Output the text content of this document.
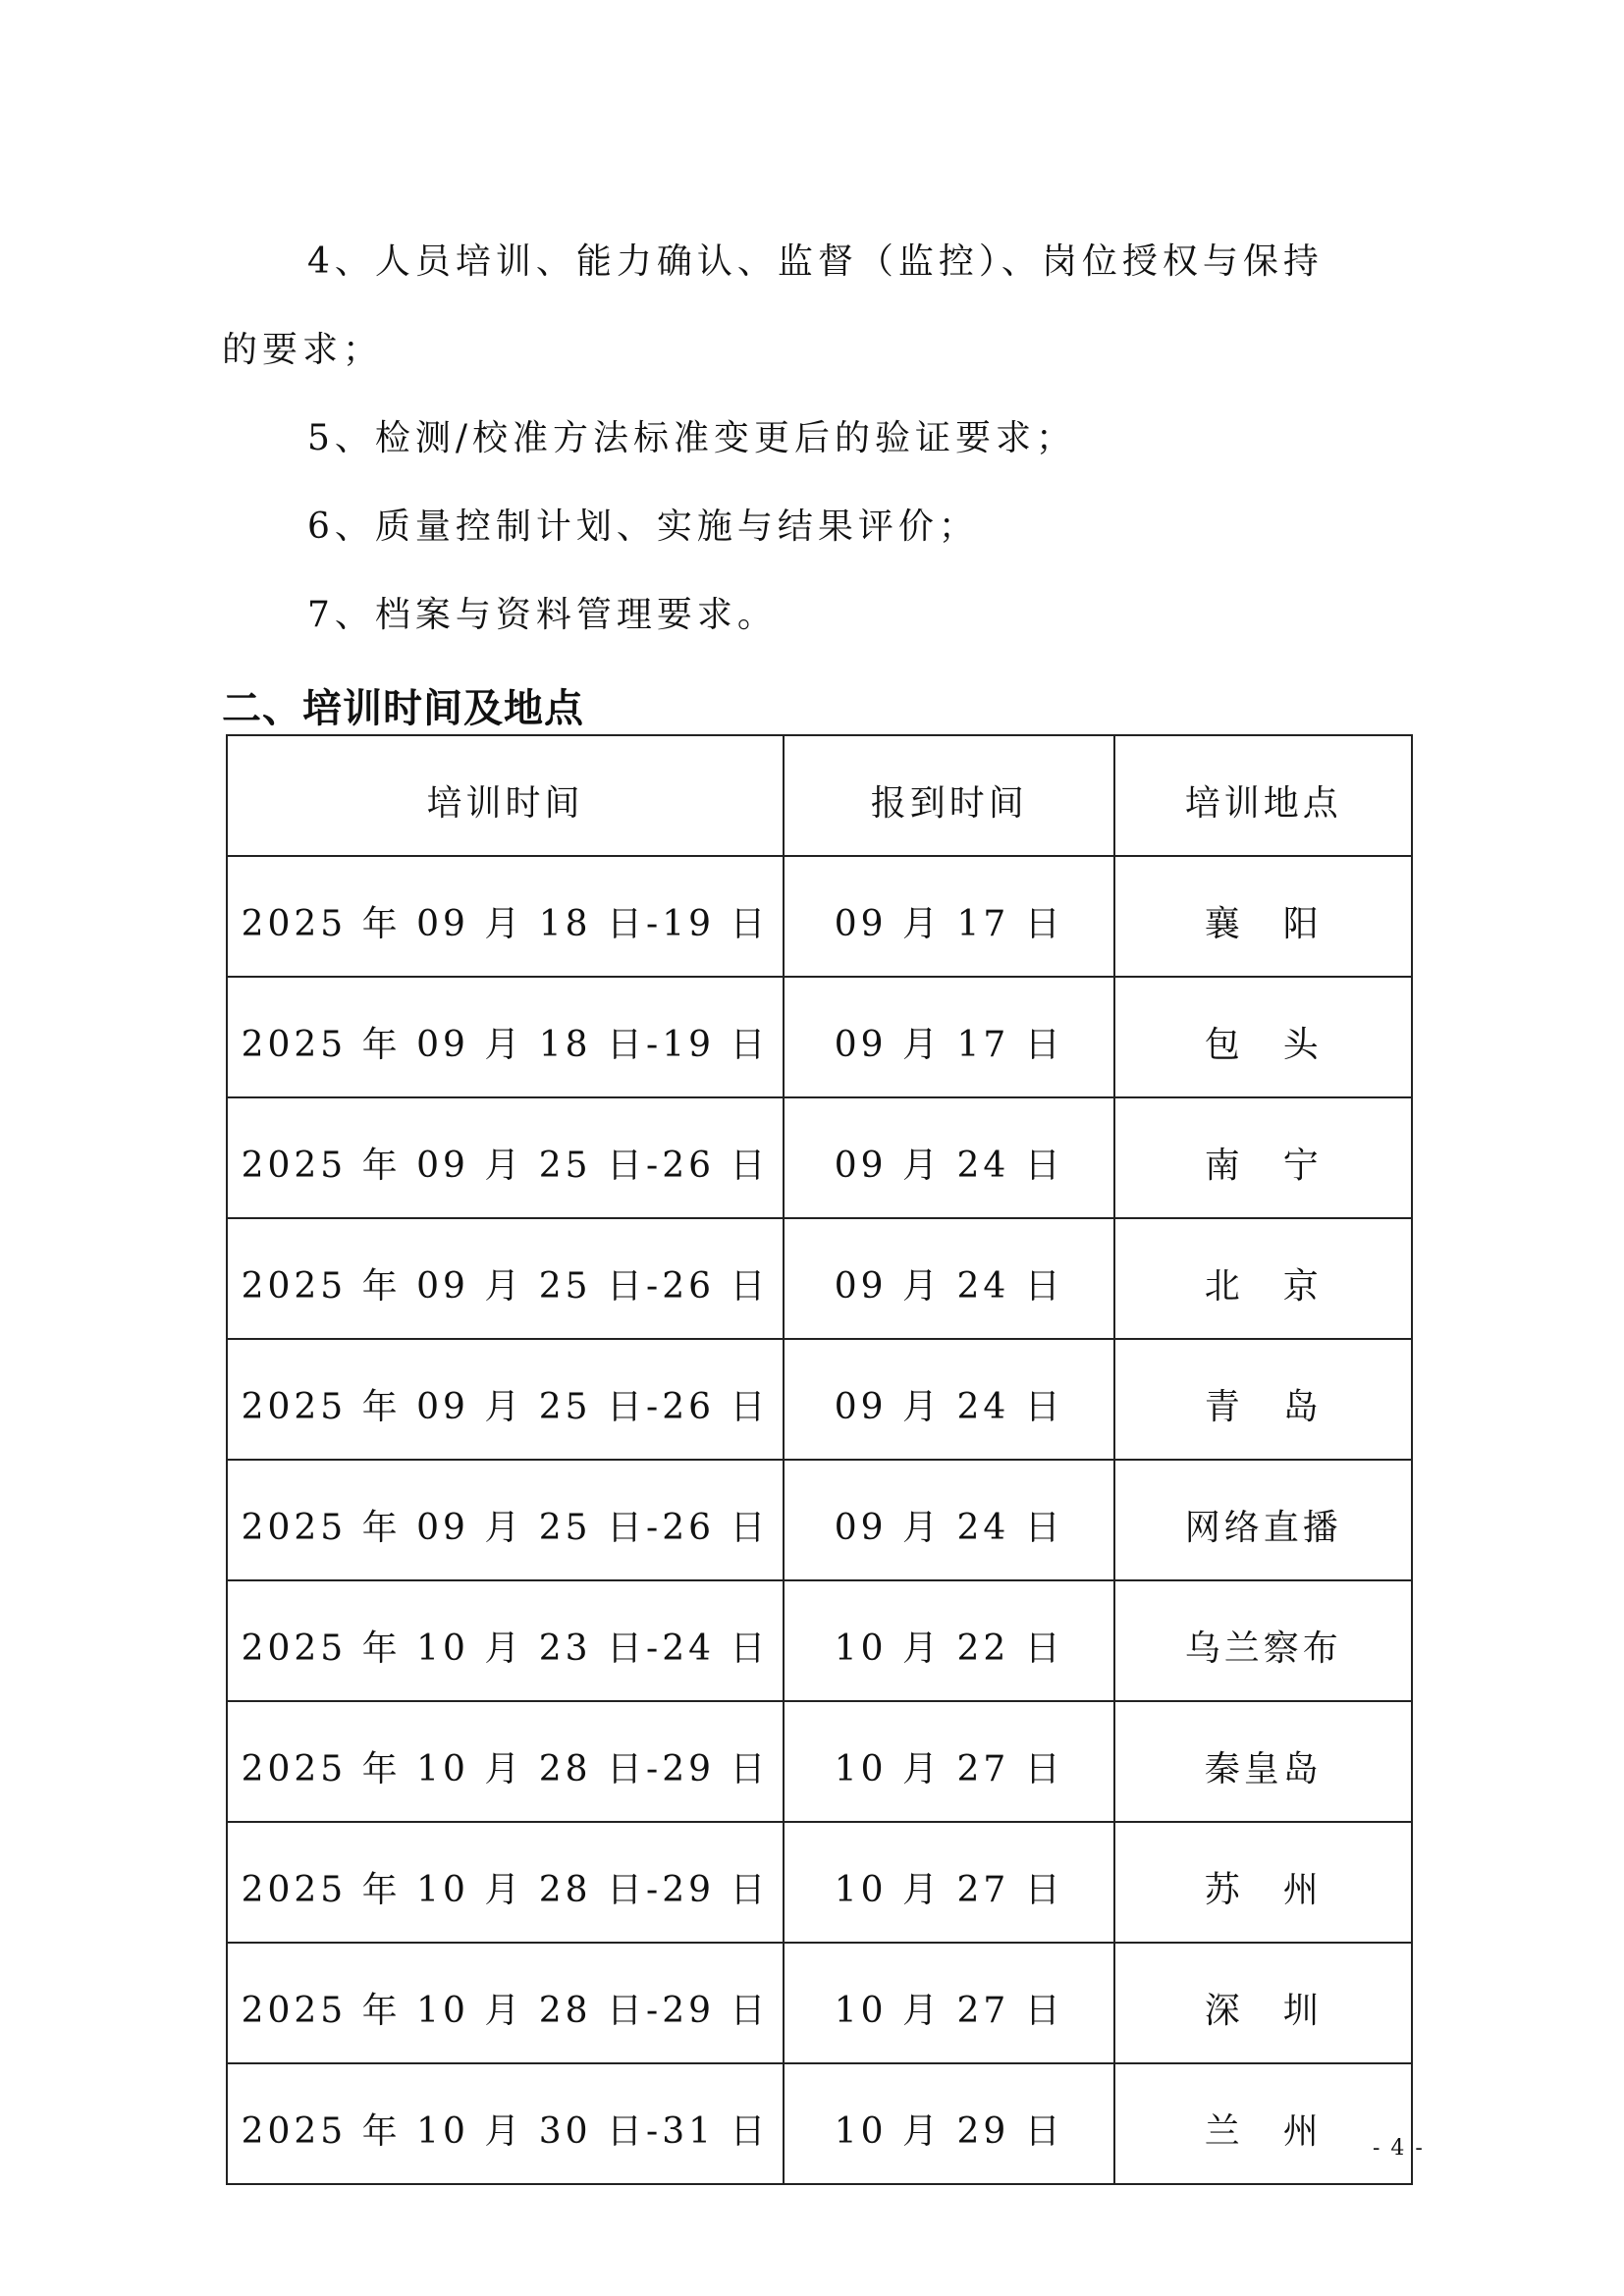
4、人员培训、能力确认、监督（监控）、岗位授权与保持
的要求；
5、检测/校准方法标准变更后的验证要求；
6、质量控制计划、实施与结果评价；
7、档案与资料管理要求。
二、培训时间及地点
培训时间	报到时间	培训地点
2025 年 09 月 18 日-19 日	09 月 17 日	襄　阳
2025 年 09 月 18 日-19 日	09 月 17 日	包　头
2025 年 09 月 25 日-26 日	09 月 24 日	南　宁
2025 年 09 月 25 日-26 日	09 月 24 日	北　京
2025 年 09 月 25 日-26 日	09 月 24 日	青　岛
2025 年 09 月 25 日-26 日	09 月 24 日	网络直播
2025 年 10 月 23 日-24 日	10 月 22 日	乌兰察布
2025 年 10 月 28 日-29 日	10 月 27 日	秦皇岛
2025 年 10 月 28 日-29 日	10 月 27 日	苏　州
2025 年 10 月 28 日-29 日	10 月 27 日	深　圳
2025 年 10 月 30 日-31 日	10 月 29 日	兰　州 - 4 -
